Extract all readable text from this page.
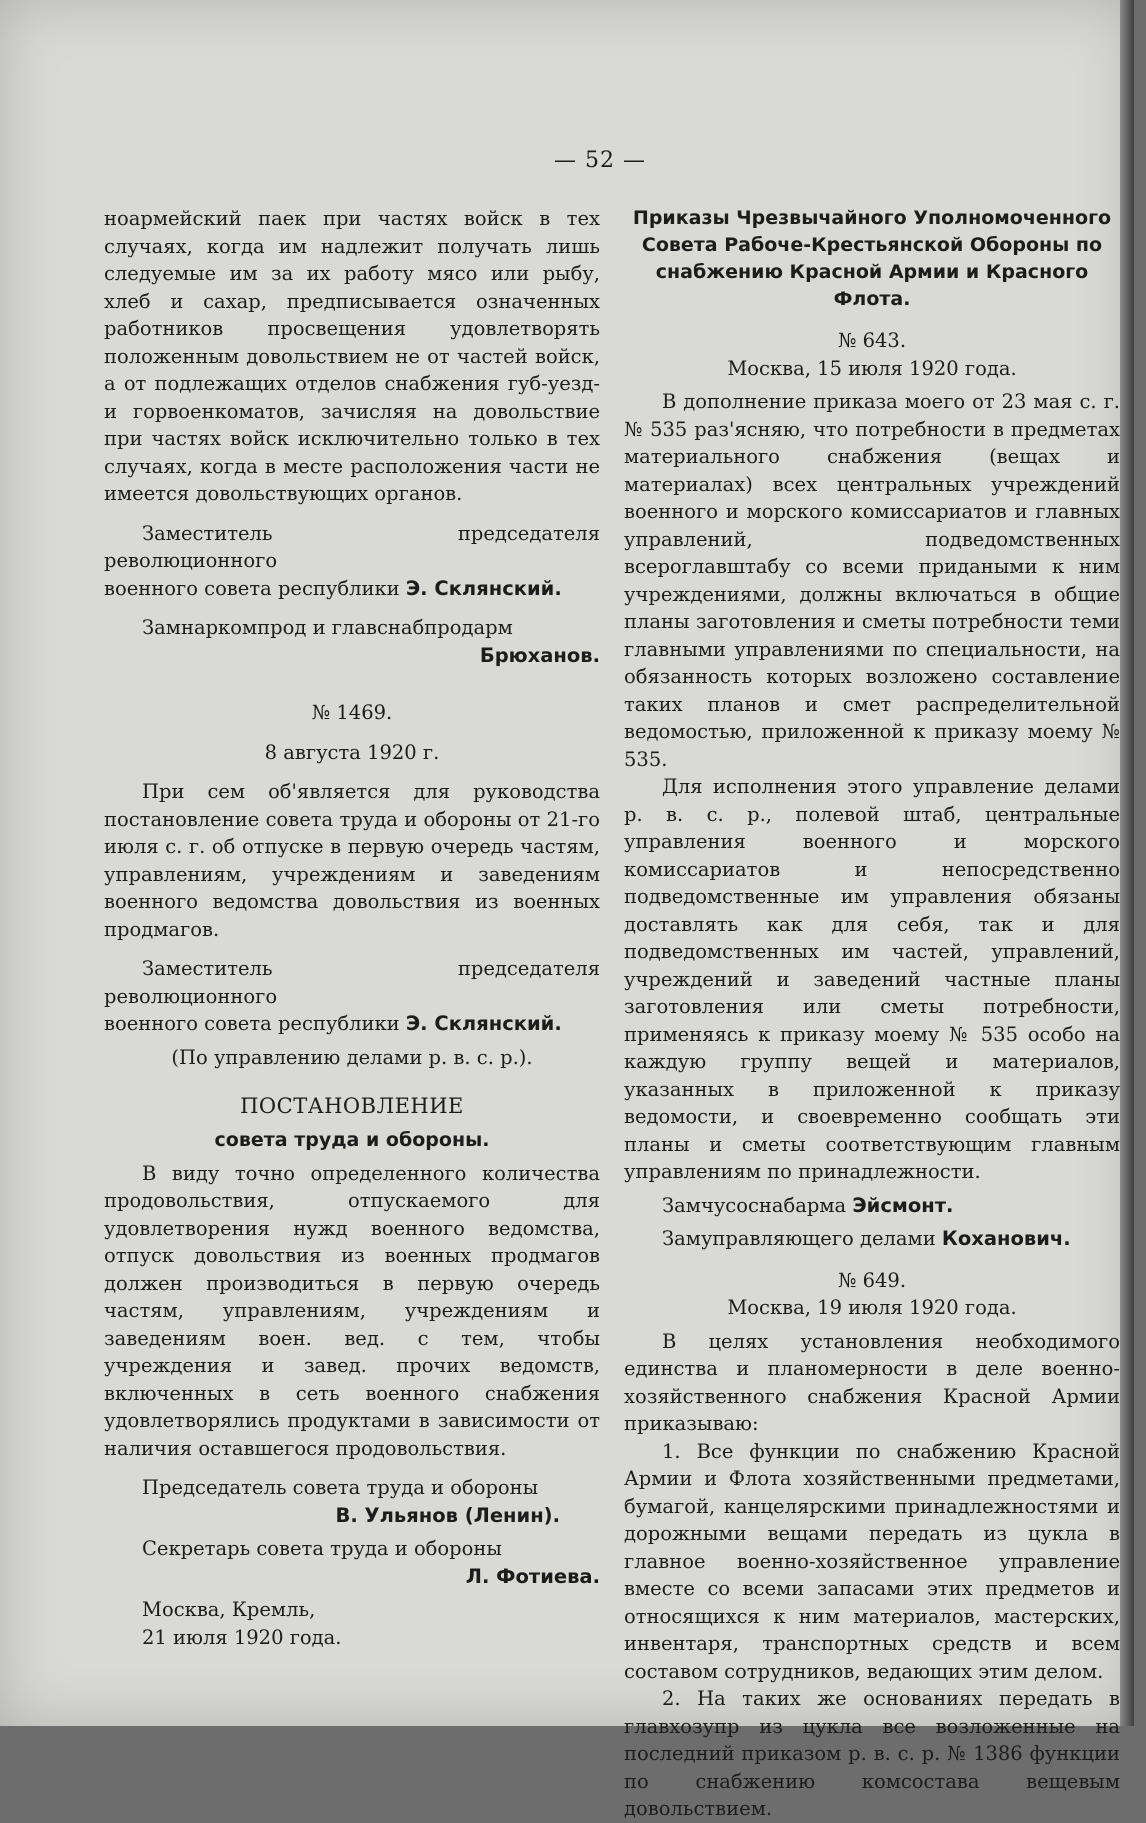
— 52 —

ноармейский паек при частях войск в тех случаях, когда им надлежит получать лишь следуемые им за их работу мясо или рыбу, хлеб и сахар, предписывается означенных работников просвещения удовлетворять положенным довольствием не от частей войск, а от подлежащих отделов снабжения губ-уезд- и горвоенкоматов, зачисляя на довольствие при частях войск исключительно только в тех случаях, когда в месте расположения части не имеется довольствующих органов.

Заместитель председателя революционного

военного совета республики Э. Склянский.

Замнаркомпрод и главснабпродарм

Брюханов.

№ 1469.

8 августа 1920 г.

При сем об'является для руководства постановление совета труда и обороны от 21-го июля с. г. об отпуске в первую очередь частям, управлениям, учреждениям и заведениям военного ведомства довольствия из военных продмагов.

Заместитель председателя революционного

военного совета республики Э. Склянский.

(По управлению делами р. в. с. р.).

ПОСТАНОВЛЕНИЕ

совета труда и обороны.

В виду точно определенного количества продовольствия, отпускаемого для удовлетворения нужд военного ведомства, отпуск довольствия из военных продмагов должен производиться в первую очередь частям, управлениям, учреждениям и заведениям воен. вед. с тем, чтобы учреждения и завед. прочих ведомств, включенных в сеть военного снабжения удовлетворялись продуктами в зависимости от наличия оставшегося продовольствия.

Председатель совета труда и обороны

В. Ульянов (Ленин).

Секретарь совета труда и обороны

Л. Фотиева.

Москва, Кремль,

21 июля 1920 года.

Приказы Чрезвычайного Уполномоченного Совета Рабоче-Крестьянской Обороны по снабжению Красной Армии и Красного Флота.

№ 643.

Москва, 15 июля 1920 года.

В дополнение приказа моего от 23 мая с. г. № 535 раз'ясняю, что потребности в предметах материального снабжения (вещах и материалах) всех центральных учреждений военного и морского комиссариатов и главных управлений, подведомственных всероглавштабу со всеми придаными к ним учреждениями, должны включаться в общие планы заготовления и сметы потребности теми главными управлениями по специальности, на обязанность которых возложено составление таких планов и смет распределительной ведомостью, приложенной к приказу моему № 535.

Для исполнения этого управление делами р. в. с. р., полевой штаб, центральные управления военного и морского комиссариатов и непосредственно подведомственные им управления обязаны доставлять как для себя, так и для подведомственных им частей, управлений, учреждений и заведений частные планы заготовления или сметы потребности, применяясь к приказу моему № 535 особо на каждую группу вещей и материалов, указанных в приложенной к приказу ведомости, и своевременно сообщать эти планы и сметы соответствующим главным управлениям по принадлежности.

Замчусоснабарма Эйсмонт.

Замуправляющего делами Коханович.

№ 649.

Москва, 19 июля 1920 года.

В целях установления необходимого единства и планомерности в деле военно-хозяйственного снабжения Красной Армии приказываю:

1. Все функции по снабжению Красной Армии и Флота хозяйственными предметами, бумагой, канцелярскими принадлежностями и дорожными вещами передать из цукла в главное военно-хозяйственное управление вместе со всеми запасами этих предметов и относящихся к ним материалов, мастерских, инвентаря, транспортных средств и всем составом сотрудников, ведающих этим делом.

2. На таких же основаниях передать в главхозупр из цукла все возложенные на последний приказом р. в. с. р. № 1386 функции по снабжению комсостава вещевым довольствием.
